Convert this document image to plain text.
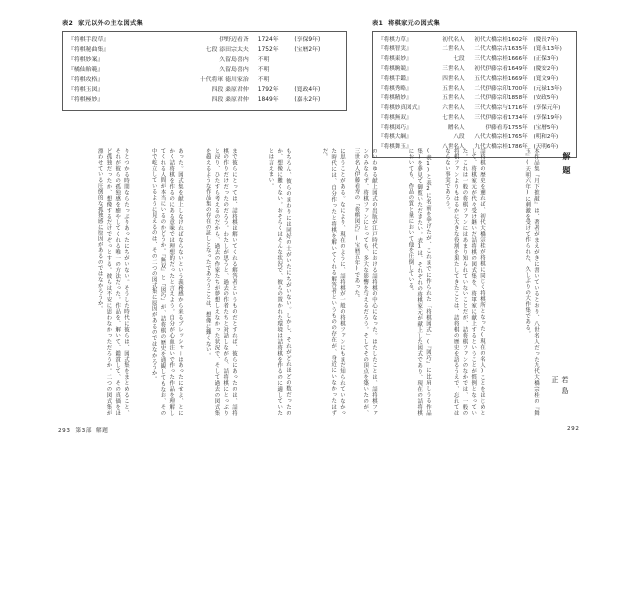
表2 家元以外の主な図式集
『将棋手段草』	伊野辺看斉	1724年	(享保9年)
『将棋秘曲集』	七段 添田宗太夫	1752年	(宝暦2年)
『将棋妙案』	久留島喜内	不明	
『橘仙貽範』	久留島喜内	不明	
『将棋攻格』	十代将軍 徳川家治	不明	
『将棋玉図』	四段 桑原君仲	1792年	(寛政4年)
『将棋極妙』	四段 桑原君仲	1849年	(嘉永2年)
に思うことがある。なにより、現在のように、詰将棋が一般の将棋ファンにもまだ知られていなかった時代には、自分作ったと将棋を解いてくれる解答者というものの存在が、身近にいなかったはずだ。
もちろん、彼らのまわりには同好の士がいたにちがいない。しかし、それがどれほどの数だったのか、想像に難くない。おそらくはそんな状況で、彼らの置かれた環境は詰将棋を作るのに適していたとは言えまい。
まで彼らにとっては、詰将棋は解いてくれる解答者というものだとすれば、彼らにあったのは、詰将棋の作りだけだったのだろう。わたしが思うと、過去の作者たちと対話しながら、詰将棋にとっぷりと浸り、ひたすら考えるのだから、過去の作家たちが夢想しえなかった状況で、そして過去の図式集を超えるような作品集の存在の証しとなったであろうことは、想像に難くない。
あった。図式集を献上しなければならないという義務感から来るプレッシャーはあったにせよ、とにかく詰将棋を作るのにある意味では理想的だったと言えよう。自分が心血注いで作った作品を理解してくれる人間が本当にいるのかどうか。『無双』と『図巧』が、詰将棋の歴史を通観してもなお、その中で屹立しているように見えるのは、その二つの図式集に原因があるのではなかろうか。
りとつかる時間ならたっぷりあったにちがいない。そうした時代に彼らは、図式集をまとめること、それが彼らの孤独感を癒やしてくれる唯一の方法だった。作品を、解いて、鑑賞して、その真価をほど孤独だったか、想像するだけでぞっとする。彼らは不安に思わなかっただろうか。二つの図式集が漂わせている圧倒的な孤独感に原因があるのではなかろうか。
293 第3部 解題
表1 将棋家元の図式集
『将棋力草』	初代名人	初代大橋宗桂	1602年	(慶長7年)
『将棋智実』	二世名人	二代大橋宗古	1635年	(寛永13年)
『将棋東妙』	七段	三代大橋宗桂	1666年	(正保3年)
『将棋駒競』	三世名人	初代伊藤宗看	1649年	(慶安2年)
『将棋手鑑』	四世名人	五代大橋宗桂	1669年	(寛文9年)
『将棋秀略』	五世名人	二代伊藤宗印	1700年	(元禄13年)
『将棋精妙』	五世名人	二代伊藤宗印	1858年	(安政5年)
『将棋妙真図式』	六世名人	三代大橋宗与	1716年	(享保元年)
『将棋無双』	七世名人	三代伊藤宗看	1734年	(享保19年)
『将棋図巧』	贈名人	伊藤看寿	1755年	(宝暦5年)
『将棋大綱』	八段	八代大橋宗桂	1765年	(明和2年)
『将棋舞玉』	八世名人	九代大橋宗桂	1786年	(天明6年)
解題
若島 正
本作品集『月下推敲』は、著者がまえがきに書いているとおり、八世名人だった九代大橋宗桂の『舞玉』(天明六年)に刺激を受けて作られた、久しぶりの大作集である。
詰将棋の歴史を遡れば、初代大橋宗桂が将棋に同じく将棋所となった(現在の名人)ことをはじめとして、将棋家元が代々受け継いだ詰将棋の図式集を、将軍家に献上するということが慣例となっていた。これは一般の将棋ファンにはあまり知られていないことだが、詰将棋ファンのなかでは、一般の将棋ファンよりもはるかに大きな役割を果たしてきたことは、詰将棋の歴史を語るうえで、忘れてはならない事実であろう。
(表1)と表2に名前を挙げたが、これまでに作られた「将棋図式」(『図巧』に比肩しうる作品集)を夢見て御覧いただきたい。表1は、それぞれの将棋家元が献上した図式であり、現在の詰将棋においても、作品の質と量において他を圧倒している。
のいわゆる献上図式の出版が江戸時代における詰将棋の中心になった。はたしたことは、詰将棋ファンのみならず、将棋ファンにとっても、多大な影響を与えるだろう。そしてその頂点を築いたのが、三世名人伊藤看寿の『将棋図巧』(宝暦五年)であった。
292
